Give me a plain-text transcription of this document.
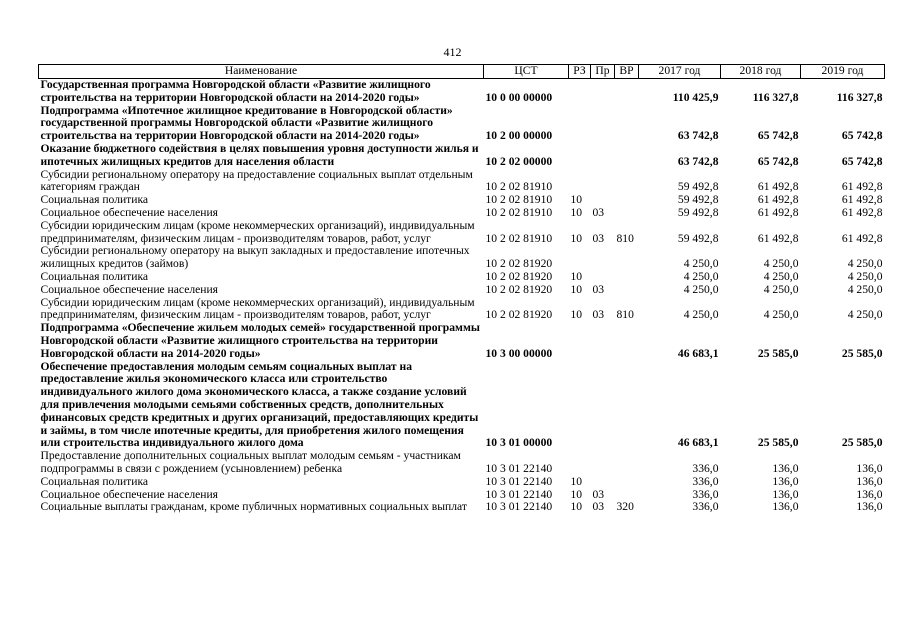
412
Наименование	ЦСТ	РЗ	Пр	ВР	2017 год	2018 год	2019 год
Государственная программа Новгородской области «Развитие жилищного строительства на территории Новгородской области на 2014-2020 годы»	10 0 00 00000				110 425,9	116 327,8	116 327,8
Подпрограмма «Ипотечное жилищное кредитование в Новгородской области» государственной программы Новгородской области «Развитие жилищного строительства на территории Новгородской области на 2014-2020 годы»	10 2 00 00000				63 742,8	65 742,8	65 742,8
Оказание бюджетного содействия в целях повышения уровня доступности жилья и ипотечных жилищных кредитов для населения области	10 2 02 00000				63 742,8	65 742,8	65 742,8
Субсидии региональному оператору на предоставление социальных выплат отдельным категориям граждан	10 2 02 81910				59 492,8	61 492,8	61 492,8
Социальная политика	10 2 02 81910	10			59 492,8	61 492,8	61 492,8
Социальное обеспечение населения	10 2 02 81910	10	03		59 492,8	61 492,8	61 492,8
Субсидии юридическим лицам (кроме некоммерческих организаций), индивидуальным предпринимателям, физическим лицам - производителям товаров, работ, услуг	10 2 02 81910	10	03	810	59 492,8	61 492,8	61 492,8
Субсидии региональному оператору на выкуп закладных и предоставление ипотечных жилищных кредитов (займов)	10 2 02 81920				4 250,0	4 250,0	4 250,0
Социальная политика	10 2 02 81920	10			4 250,0	4 250,0	4 250,0
Социальное обеспечение населения	10 2 02 81920	10	03		4 250,0	4 250,0	4 250,0
Субсидии юридическим лицам (кроме некоммерческих организаций), индивидуальным предпринимателям, физическим лицам - производителям товаров, работ, услуг	10 2 02 81920	10	03	810	4 250,0	4 250,0	4 250,0
Подпрограмма «Обеспечение жильем молодых семей» государственной программы Новгородской области «Развитие жилищного строительства на территории Новгородской области на 2014-2020 годы»	10 3 00 00000				46 683,1	25 585,0	25 585,0
Обеспечение предоставления молодым семьям социальных выплат на предоставление жилья экономического класса или строительство индивидуального жилого дома экономического класса, а также создание условий для привлечения молодыми семьями собственных средств, дополнительных финансовых средств кредитных и других организаций, предоставляющих кредиты и займы, в том числе ипотечные кредиты, для приобретения жилого помещения или строительства индивидуального жилого дома	10 3 01 00000				46 683,1	25 585,0	25 585,0
Предоставление дополнительных социальных выплат молодым семьям - участникам подпрограммы в связи с рождением (усыновлением) ребенка	10 3 01 22140				336,0	136,0	136,0
Социальная политика	10 3 01 22140	10			336,0	136,0	136,0
Социальное обеспечение населения	10 3 01 22140	10	03		336,0	136,0	136,0
Социальные выплаты гражданам, кроме публичных нормативных социальных выплат	10 3 01 22140	10	03	320	336,0	136,0	136,0
